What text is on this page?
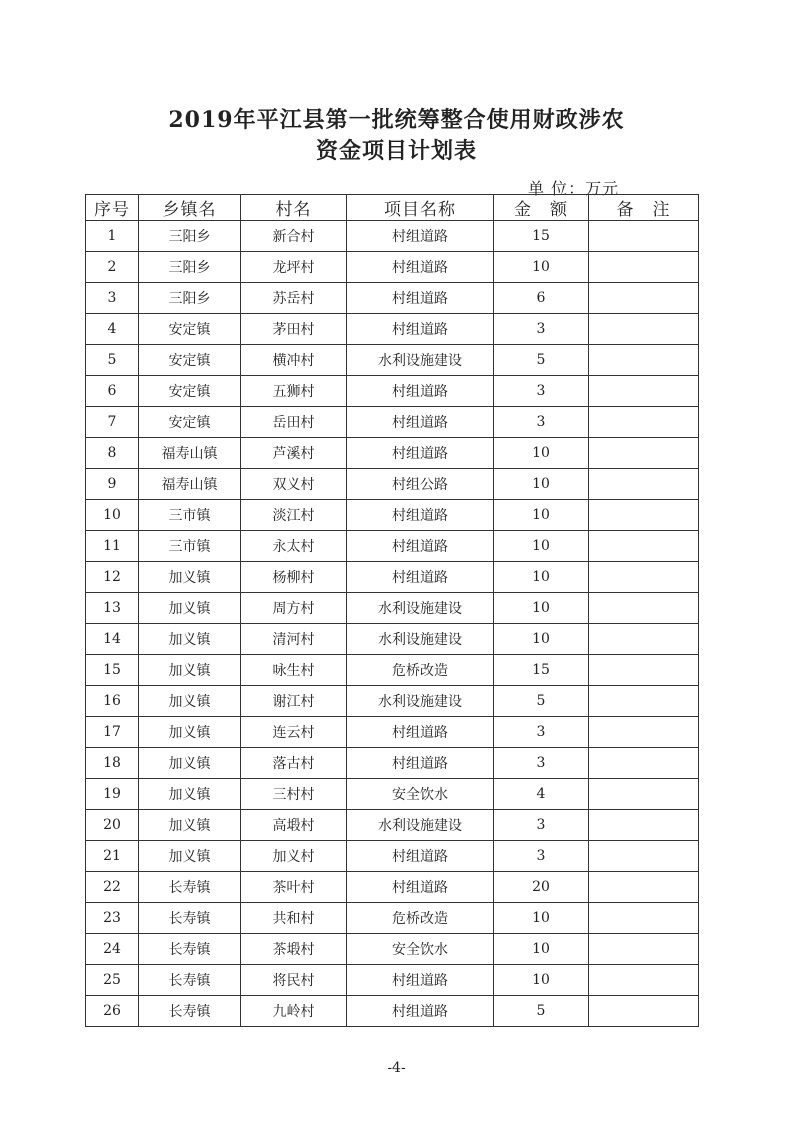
2019年平江县第一批统筹整合使用财政涉农
资金项目计划表
单 位：万元
序号	乡镇名	村名	项目名称	金　额	备　注
1	三阳乡	新合村	村组道路	15	
2	三阳乡	龙坪村	村组道路	10	
3	三阳乡	苏岳村	村组道路	6	
4	安定镇	茅田村	村组道路	3	
5	安定镇	横冲村	水利设施建设	5	
6	安定镇	五狮村	村组道路	3	
7	安定镇	岳田村	村组道路	3	
8	福寿山镇	芦溪村	村组道路	10	
9	福寿山镇	双义村	村组公路	10	
10	三市镇	淡江村	村组道路	10	
11	三市镇	永太村	村组道路	10	
12	加义镇	杨柳村	村组道路	10	
13	加义镇	周方村	水利设施建设	10	
14	加义镇	清河村	水利设施建设	10	
15	加义镇	咏生村	危桥改造	15	
16	加义镇	谢江村	水利设施建设	5	
17	加义镇	连云村	村组道路	3	
18	加义镇	落古村	村组道路	3	
19	加义镇	三村村	安全饮水	4	
20	加义镇	高塅村	水利设施建设	3	
21	加义镇	加义村	村组道路	3	
22	长寿镇	茶叶村	村组道路	20	
23	长寿镇	共和村	危桥改造	10	
24	长寿镇	茶塅村	安全饮水	10	
25	长寿镇	将民村	村组道路	10	
26	长寿镇	九岭村	村组道路	5	
-4-
